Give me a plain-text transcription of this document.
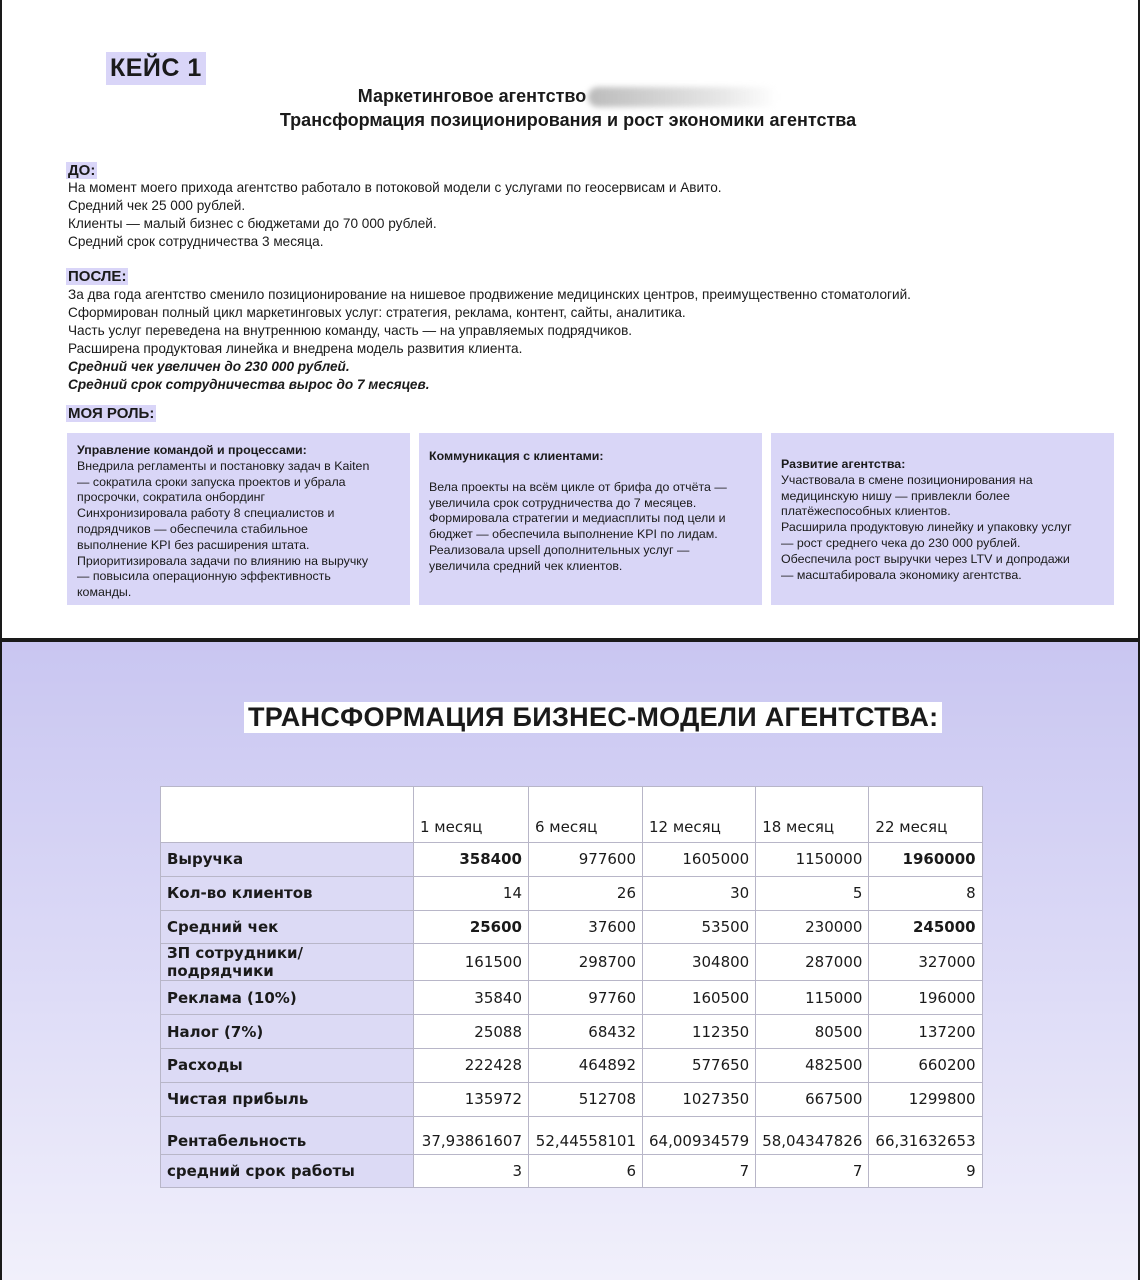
КЕЙС 1
Маркетинговое агентство
Трансформация позиционирования и рост экономики агентства
ДО:

На момент моего прихода агентство работало в потоковой модели с услугами по геосервисам и Авито.

Средний чек 25 000 рублей.

Клиенты — малый бизнес с бюджетами до 70 000 рублей.

Средний срок сотрудничества 3 месяца.

ПОСЛЕ:

За два года агентство сменило позиционирование на нишевое продвижение медицинских центров, преимущественно стоматологий.

Сформирован полный цикл маркетинговых услуг: стратегия, реклама, контент, сайты, аналитика.

Часть услуг переведена на внутреннюю команду, часть — на управляемых подрядчиков.

Расширена продуктовая линейка и внедрена модель развития клиента.

Средний чек увеличен до 230 000 рублей.

Средний срок сотрудничества вырос до 7 месяцев.

МОЯ РОЛЬ:
Управление командой и процессами:
Внедрила регламенты и постановку задач в Kaiten
— сократила сроки запуска проектов и убрала
просрочки, сократила онбординг
Синхронизировала работу 8 специалистов и
подрядчиков — обеспечила стабильное
выполнение KPI без расширения штата.
Приоритизировала задачи по влиянию на выручку
— повысила операционную эффективность
команды.
Коммуникация с клиентами:
Вела проекты на всём цикле от брифа до отчёта —
увеличила срок сотрудничества до 7 месяцев.
Формировала стратегии и медиасплиты под цели и
бюджет — обеспечила выполнение KPI по лидам.
Реализовала upsell дополнительных услуг —
увеличила средний чек клиентов.
Развитие агентства:
Участвовала в смене позиционирования на
медицинскую нишу — привлекли более
платёжеспособных клиентов.
Расширила продуктовую линейку и упаковку услуг
— рост среднего чека до 230 000 рублей.
Обеспечила рост выручки через LTV и допродажи
— масштабировала экономику агентства.
ТРАНСФОРМАЦИЯ БИЗНЕС-МОДЕЛИ АГЕНТСТВА:
	1 месяц	6 месяц	12 месяц	18 месяц	22 месяц
Выручка	358400	977600	1605000	1150000	1960000
Кол-во клиентов	14	26	30	5	8
Средний чек	25600	37600	53500	230000	245000
ЗП сотрудники/подрядчики	161500	298700	304800	287000	327000
Реклама (10%)	35840	97760	160500	115000	196000
Налог (7%)	25088	68432	112350	80500	137200
Расходы	222428	464892	577650	482500	660200
Чистая прибыль	135972	512708	1027350	667500	1299800
Рентабельность	37,93861607	52,44558101	64,00934579	58,04347826	66,31632653
средний срок работы	3	6	7	7	9
